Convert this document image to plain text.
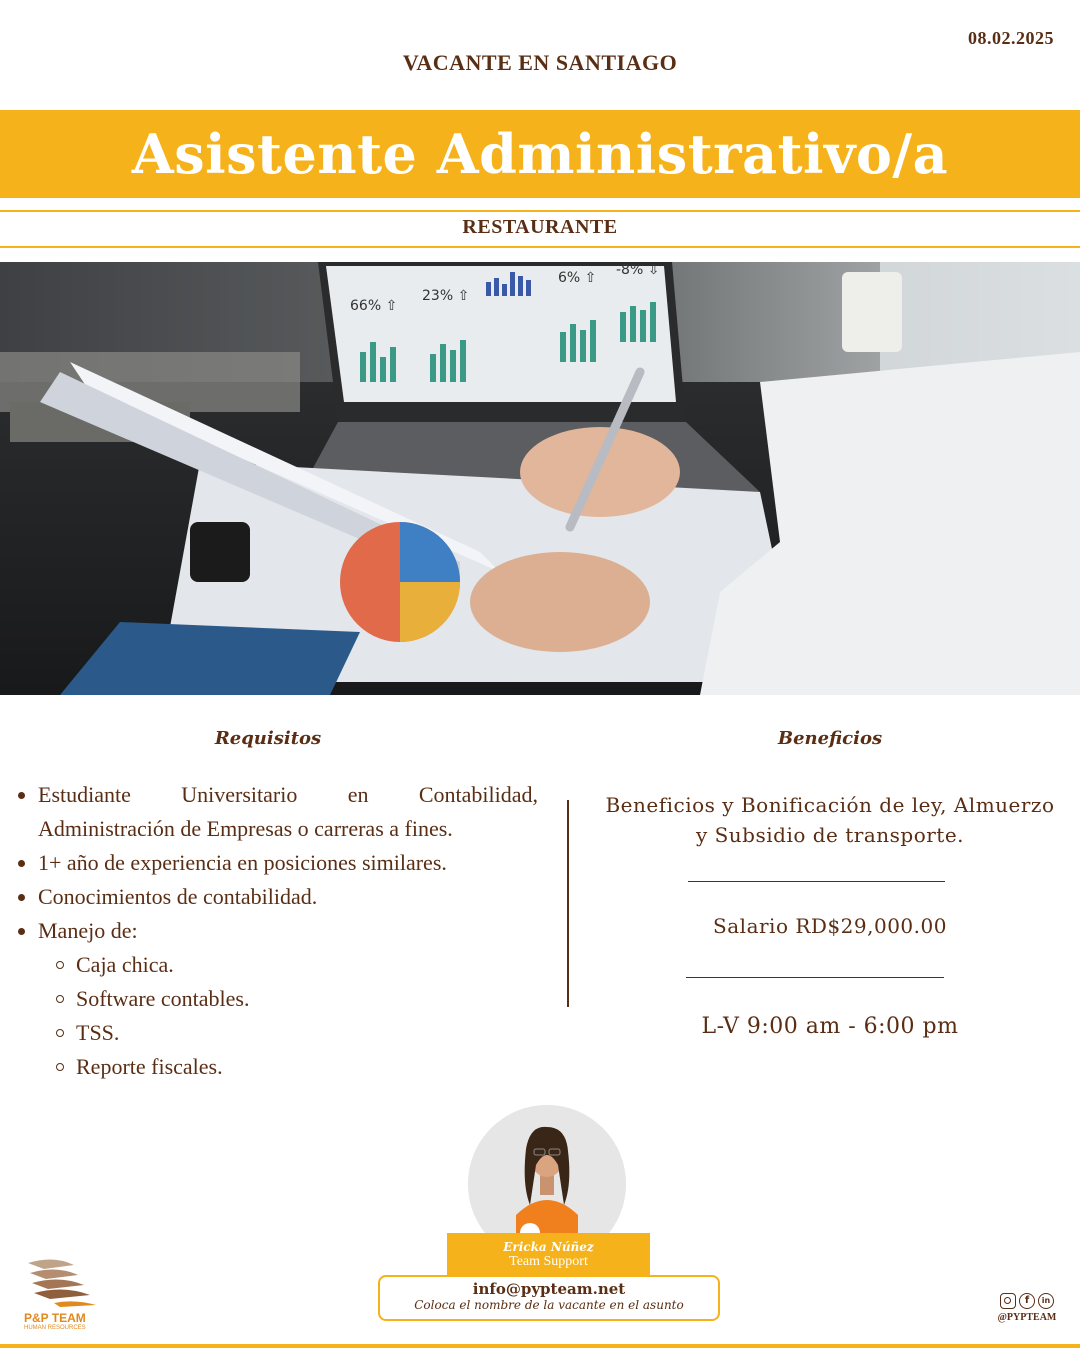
08.02.2025
VACANTE EN SANTIAGO
Asistente Administrativo/a
RESTAURANTE
66% ⇧
23% ⇧
6% ⇧ -8% ⇩
Requisitos
Estudiante Universitario en Contabilidad,
Administración de Empresas o carreras a fines.
1+ año de experiencia en posiciones similares.
Conocimientos de contabilidad.
Manejo de:
Caja chica.
Software contables.
TSS.
Reporte fiscales.
Beneficios
Beneficios y Bonificación de ley, Almuerzo
y Subsidio de transporte.
Salario RD$29,000.00
L-V 9:00 am - 6:00 pm
Ericka Núñez
Team Support
info@pypteam.net
Coloca el nombre de la vacante en el asunto
P&P TEAM
HUMAN RESOURCES
f	in
@PYPTEAM
